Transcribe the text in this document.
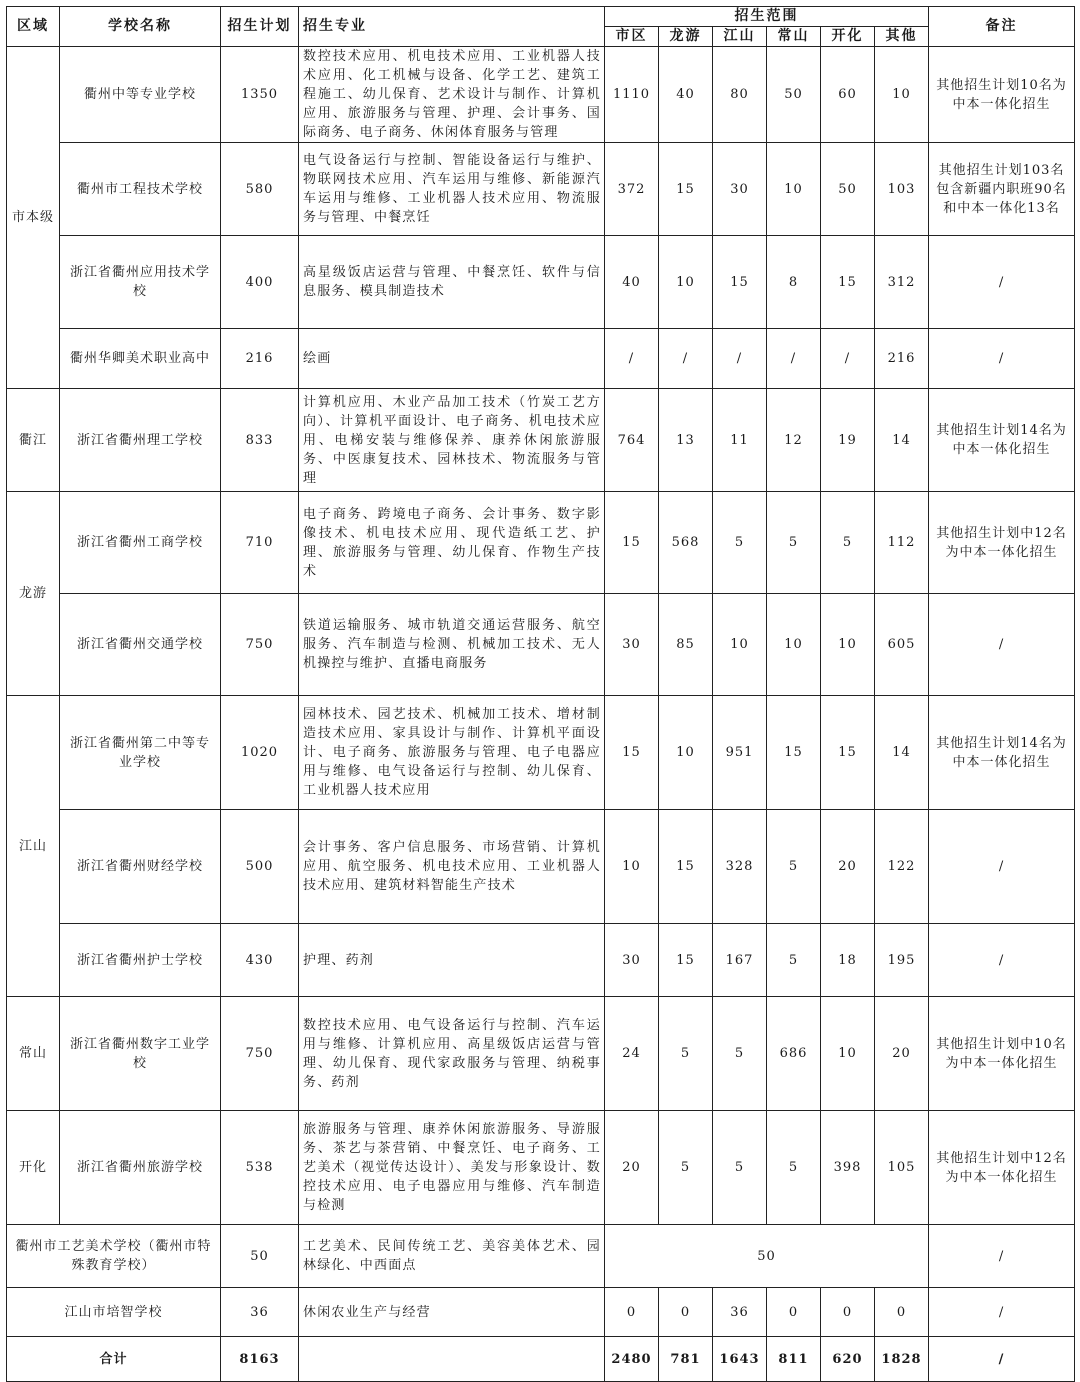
区域	学校名称	招生计划	招生专业	招生范围						备注
				市区	龙游	江山	常山	开化	其他	
市本级	衢州中等专业学校	1350	数控技术应用、机电技术应用、工业机器人技术应用、化工机械与设备、化学工艺、建筑工程施工、幼儿保育、艺术设计与制作、计算机应用、旅游服务与管理、护理、会计事务、国际商务、电子商务、休闲体育服务与管理	1110	40	80	50	60	10	其他招生计划10名为中本一体化招生
	衢州市工程技术学校	580	电气设备运行与控制、智能设备运行与维护、物联网技术应用、汽车运用与维修、新能源汽车运用与维修、工业机器人技术应用、物流服务与管理、中餐烹饪	372	15	30	10	50	103	其他招生计划103名包含新疆内职班90名和中本一体化13名
	浙江省衢州应用技术学校	400	高星级饭店运营与管理、中餐烹饪、软件与信息服务、模具制造技术	40	10	15	8	15	312	/
	衢州华卿美术职业高中	216	绘画	/	/	/	/	/	216	/
衢江	浙江省衢州理工学校	833	计算机应用、木业产品加工技术（竹炭工艺方向）、计算机平面设计、电子商务、机电技术应用、电梯安装与维修保养、康养休闲旅游服务、中医康复技术、园林技术、物流服务与管理	764	13	11	12	19	14	其他招生计划14名为中本一体化招生
龙游	浙江省衢州工商学校	710	电子商务、跨境电子商务、会计事务、数字影像技术、机电技术应用、现代造纸工艺、护理、旅游服务与管理、幼儿保育、作物生产技术	15	568	5	5	5	112	其他招生计划中12名为中本一体化招生
	浙江省衢州交通学校	750	铁道运输服务、城市轨道交通运营服务、航空服务、汽车制造与检测、机械加工技术、无人机操控与维护、直播电商服务	30	85	10	10	10	605	/
江山	浙江省衢州第二中等专业学校	1020	园林技术、园艺技术、机械加工技术、增材制造技术应用、家具设计与制作、计算机平面设计、电子商务、旅游服务与管理、电子电器应用与维修、电气设备运行与控制、幼儿保育、工业机器人技术应用	15	10	951	15	15	14	其他招生计划14名为中本一体化招生
	浙江省衢州财经学校	500	会计事务、客户信息服务、市场营销、计算机应用、航空服务、机电技术应用、工业机器人技术应用、建筑材料智能生产技术	10	15	328	5	20	122	/
	浙江省衢州护士学校	430	护理、药剂	30	15	167	5	18	195	/
常山	浙江省衢州数字工业学校	750	数控技术应用、电气设备运行与控制、汽车运用与维修、计算机应用、高星级饭店运营与管理、幼儿保育、现代家政服务与管理、纳税事务、药剂	24	5	5	686	10	20	其他招生计划中10名为中本一体化招生
开化	浙江省衢州旅游学校	538	旅游服务与管理、康养休闲旅游服务、导游服务、茶艺与茶营销、中餐烹饪、电子商务、工艺美术（视觉传达设计）、美发与形象设计、数控技术应用、电子电器应用与维修、汽车制造与检测	20	5	5	5	398	105	其他招生计划中12名为中本一体化招生
衢州市工艺美术学校（衢州市特殊教育学校）		50	工艺美术、民间传统工艺、美容美体艺术、园林绿化、中西面点	50						/
江山市培智学校		36	休闲农业生产与经营	0	0	36	0	0	0	/
合计		8163		2480	781	1643	811	620	1828	/
